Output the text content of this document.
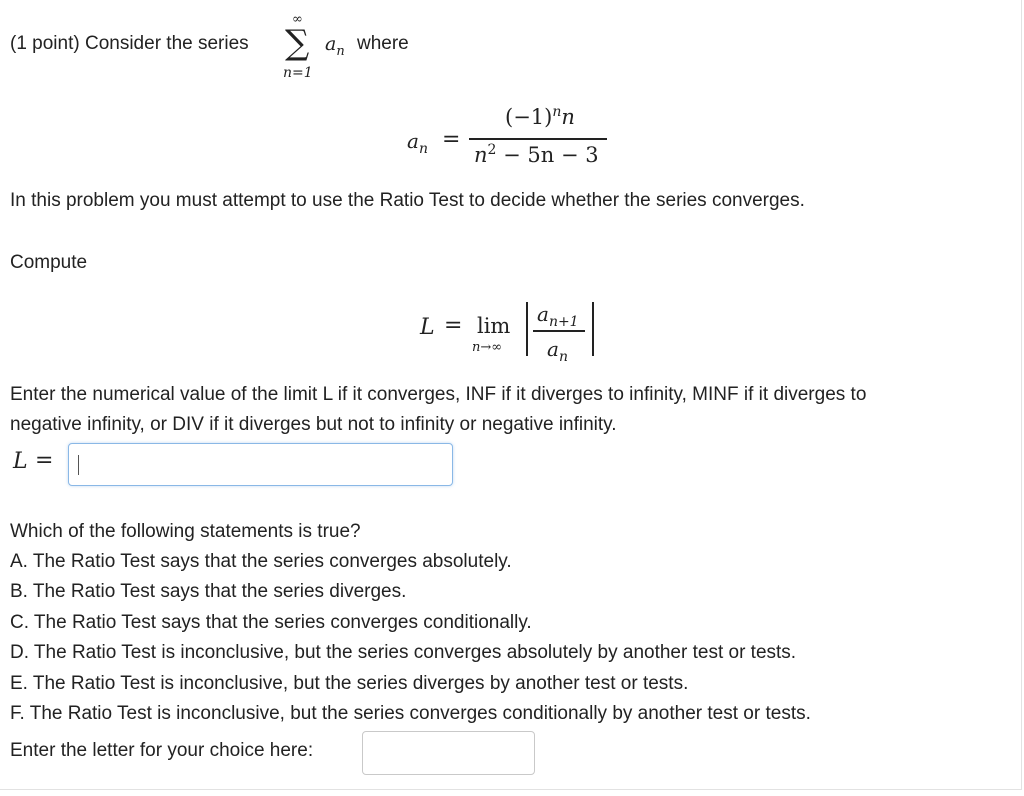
(1 point) Consider the series
∞
∑
n=1
$a_n$ where
$a_n$ =
$(-1)^nn$
$n^2 - 5n - 3$
In this problem you must attempt to use the Ratio Test to decide whether the series converges.
Compute
L = lim
n→∞
$a_{n+1}$
$a_n$
Enter the numerical value of the limit L if it converges, INF if it diverges to infinity, MINF if it diverges to
negative infinity, or DIV if it diverges but not to infinity or negative infinity.
L =
Which of the following statements is true?
A. The Ratio Test says that the series converges absolutely.
B. The Ratio Test says that the series diverges.
C. The Ratio Test says that the series converges conditionally.
D. The Ratio Test is inconclusive, but the series converges absolutely by another test or tests.
E. The Ratio Test is inconclusive, but the series diverges by another test or tests.
F. The Ratio Test is inconclusive, but the series converges conditionally by another test or tests.
Enter the letter for your choice here:
